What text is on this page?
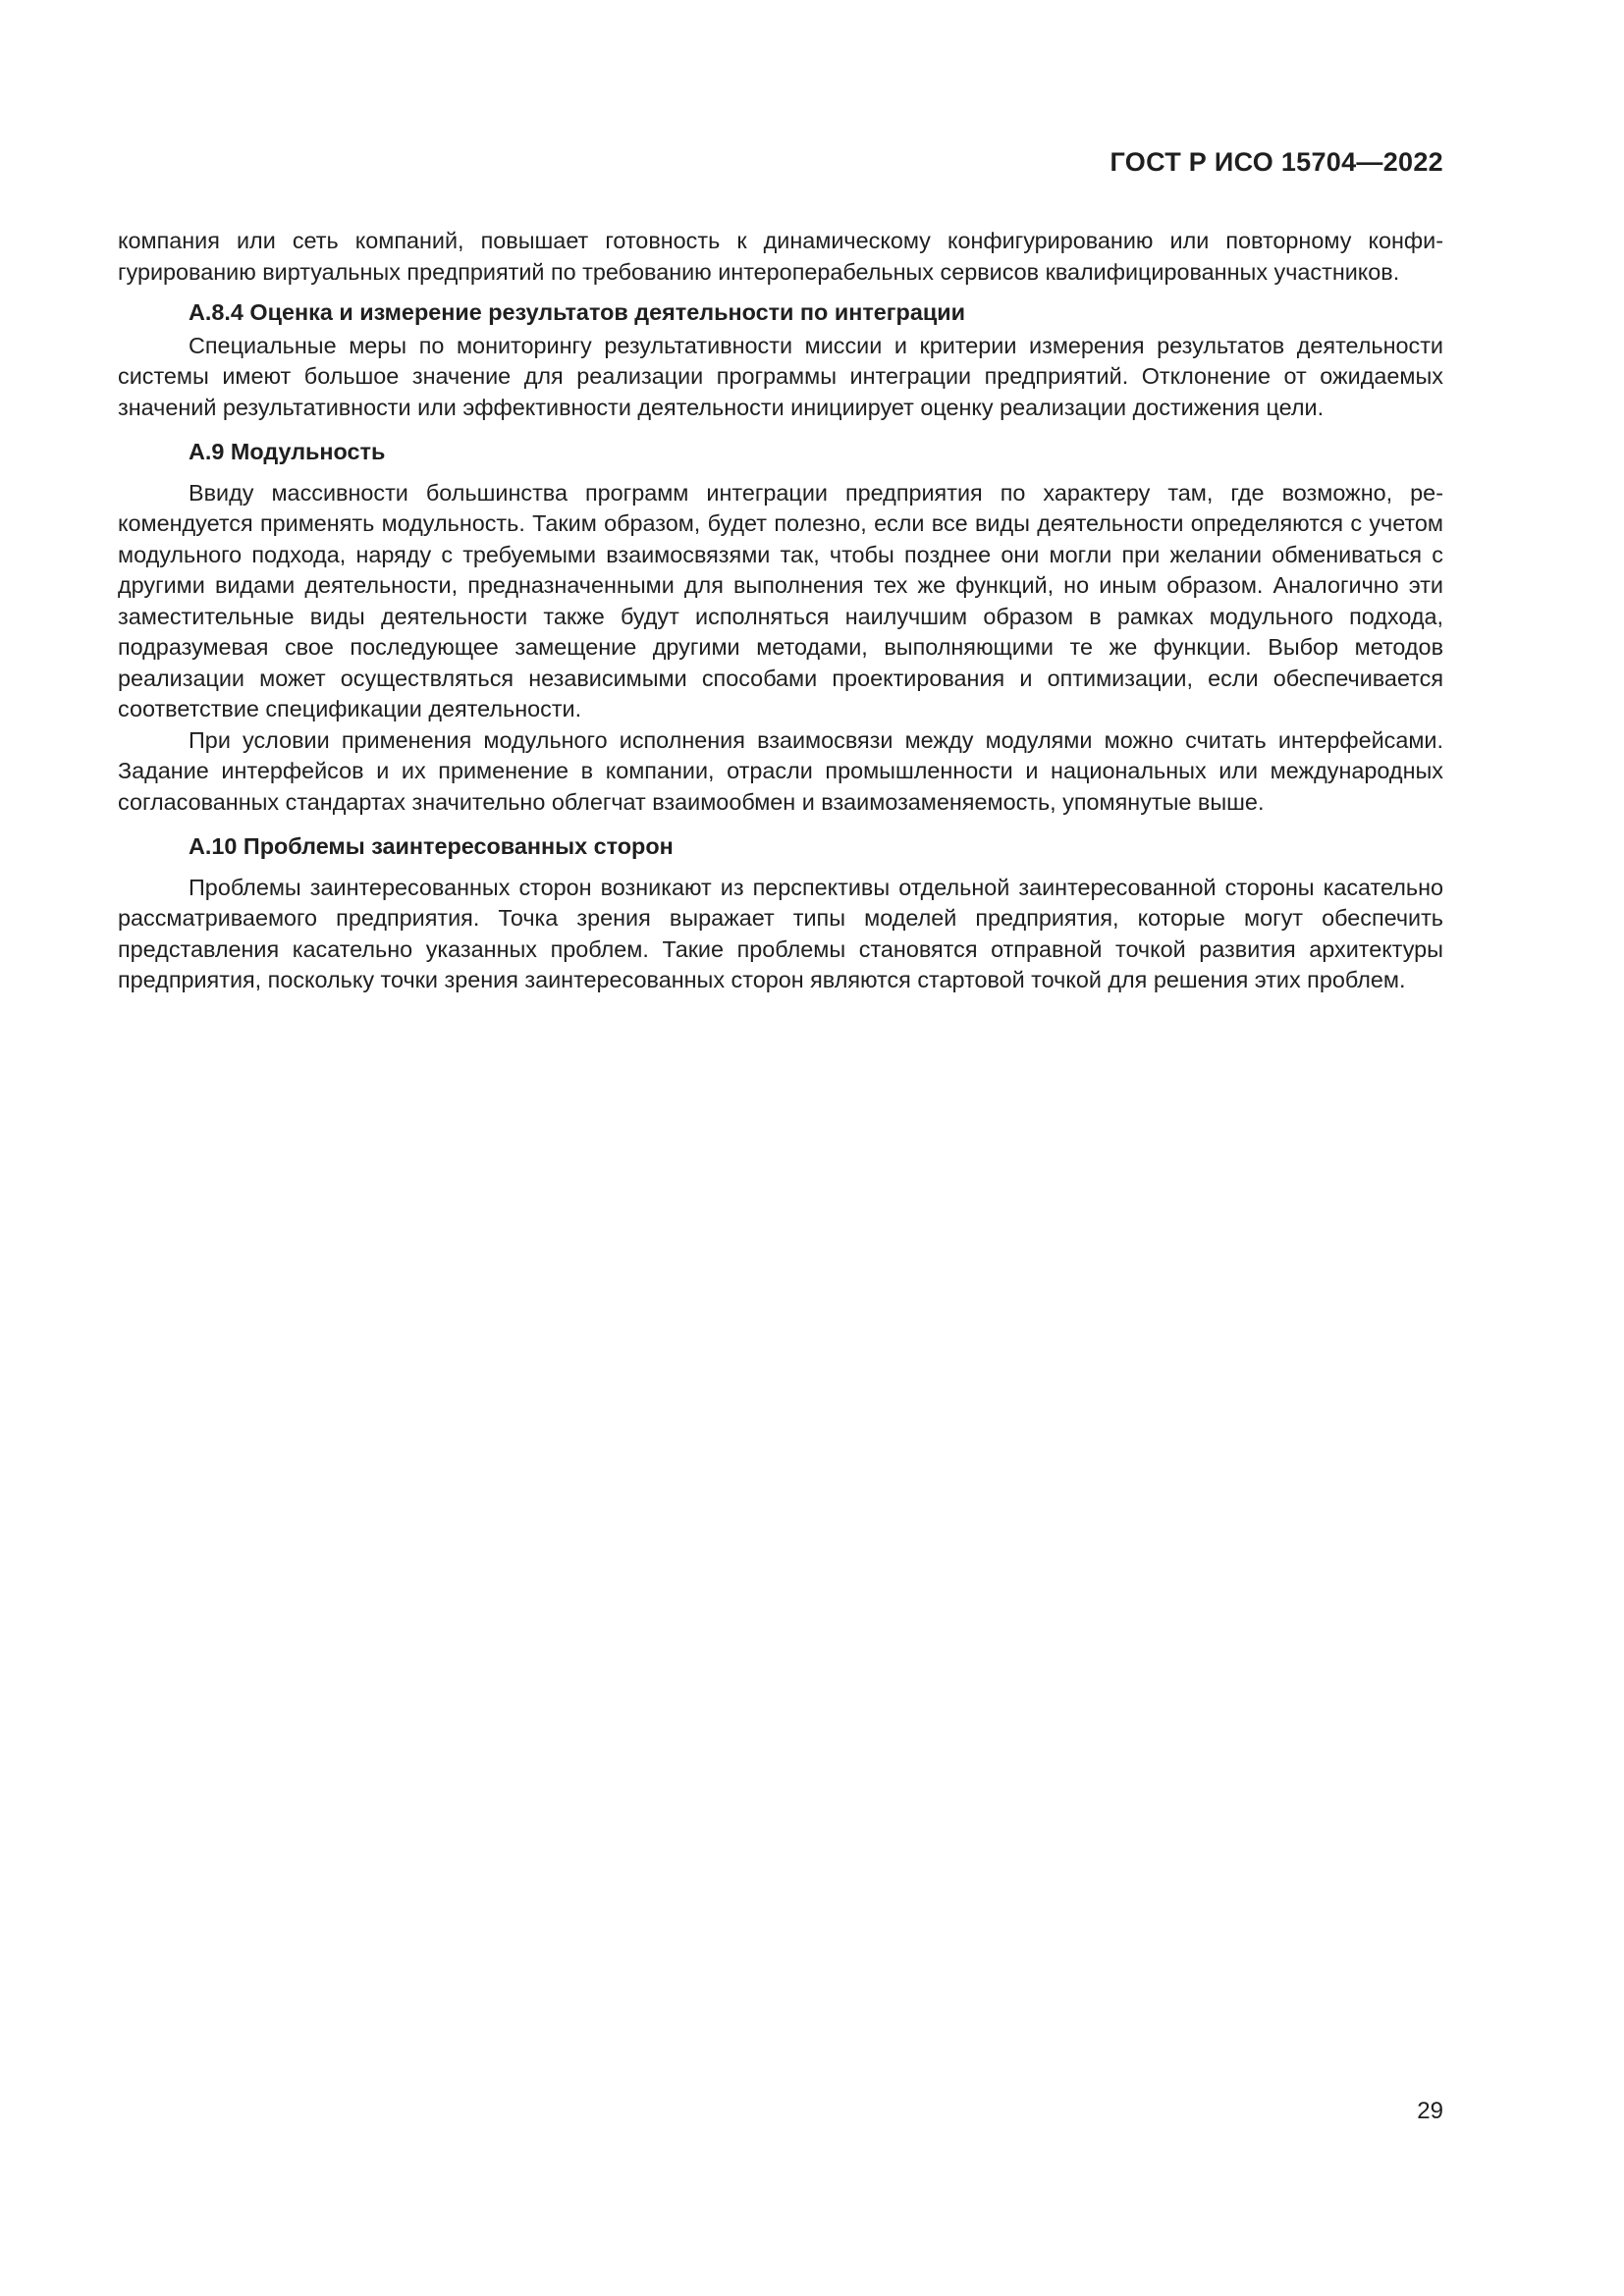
ГОСТ Р ИСО 15704—2022

компания или сеть компаний, повышает готовность к динамическому конфигурированию или повторному конфигурированию виртуальных предприятий по требованию интероперабельных сервисов квалифицированных участников.

А.8.4 Оценка и измерение результатов деятельности по интеграции

Специальные меры по мониторингу результативности миссии и критерии измерения результатов деятельности системы имеют большое значение для реализации программы интеграции предприятий. Отклонение от ожидаемых значений результативности или эффективности деятельности инициирует оценку реализации достижения цели.

А.9 Модульность

Ввиду массивности большинства программ интеграции предприятия по характеру там, где возможно, рекомендуется применять модульность. Таким образом, будет полезно, если все виды деятельности определяются с учетом модульного подхода, наряду с требуемыми взаимосвязями так, чтобы позднее они могли при желании обмениваться с другими видами деятельности, предназначенными для выполнения тех же функций, но иным образом. Аналогично эти заместительные виды деятельности также будут исполняться наилучшим образом в рамках модульного подхода, подразумевая свое последующее замещение другими методами, выполняющими те же функции. Выбор методов реализации может осуществляться независимыми способами проектирования и оптимизации, если обеспечивается соответствие спецификации деятельности.

При условии применения модульного исполнения взаимосвязи между модулями можно считать интерфейсами. Задание интерфейсов и их применение в компании, отрасли промышленности и национальных или международных согласованных стандартах значительно облегчат взаимообмен и взаимозаменяемость, упомянутые выше.

А.10 Проблемы заинтересованных сторон

Проблемы заинтересованных сторон возникают из перспективы отдельной заинтересованной стороны касательно рассматриваемого предприятия. Точка зрения выражает типы моделей предприятия, которые могут обеспечить представления касательно указанных проблем. Такие проблемы становятся отправной точкой развития архитектуры предприятия, поскольку точки зрения заинтересованных сторон являются стартовой точкой для решения этих проблем.

29
